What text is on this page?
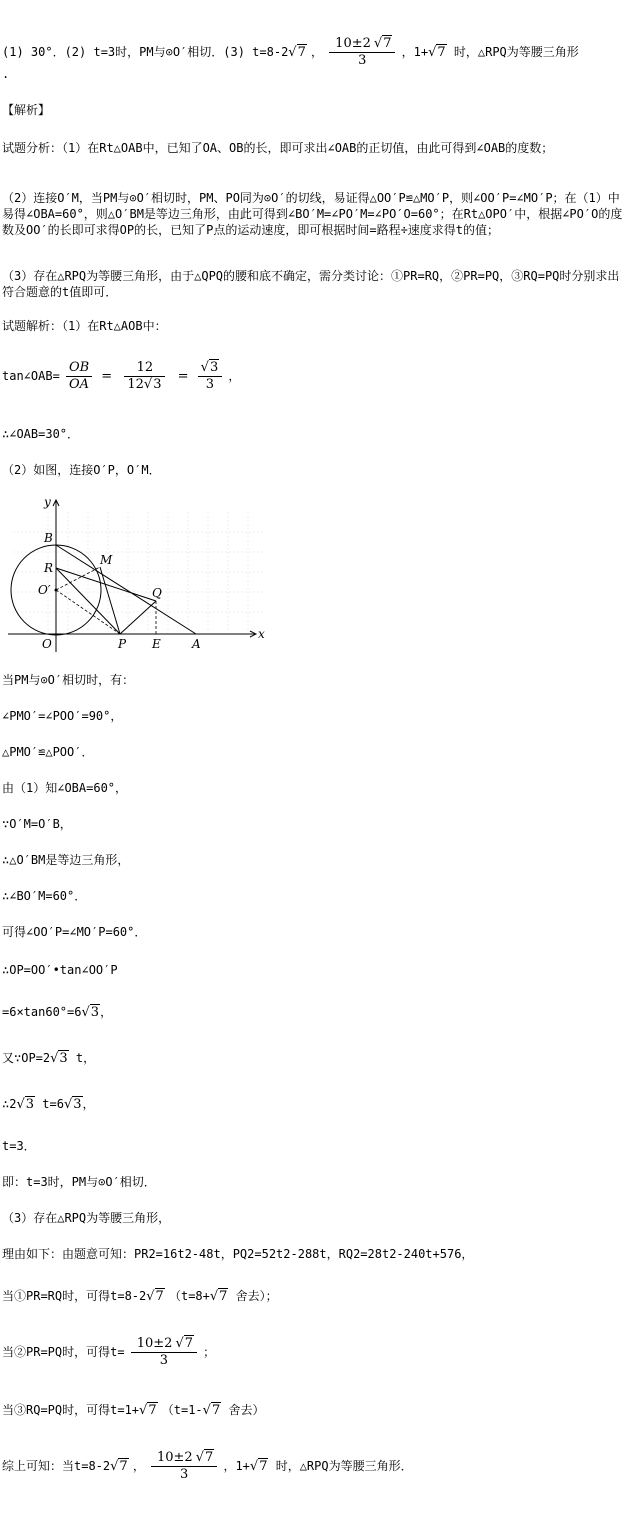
(1) 30°．(2) t=3时，PM与⊙O′相切．(3) t=8-2√7 ， $\frac{10\pm 2 √7}{3}$ ，1+√7 时，△RPQ为等腰三角形
.
【解析】
试题分析：（1）在Rt△OAB中，已知了OA、OB的长，即可求出∠OAB的正切值，由此可得到∠OAB的度数；
（2）连接O′M，当PM与⊙O′相切时，PM、PO同为⊙O′的切线，易证得△OO′P≌△MO′P，则∠OO′P=∠MO′P；在（1）中易得∠OBA=60°，则△O′BM是等边三角形，由此可得到∠BO′M=∠PO′M=∠PO′O=60°；在Rt△OPO′中，根据∠PO′O的度数及OO′的长即可求得OP的长，已知了P点的运动速度，即可根据时间=路程÷速度求得t的值；
（3）存在△RPQ为等腰三角形，由于△QPQ的腰和底不确定，需分类讨论：①PR=RQ，②PR=PQ，③RQ=PQ时分别求出符合题意的t值即可．
试题解析：（1）在Rt△AOB中：
tan∠OAB= $\frac{OB}{OA} = \frac{12}{12√3} = \frac{√3}{3}$ ，
∴∠OAB=30°．
（2）如图，连接O′P，O′M．
y
x
B
R
M
O′	Q
O	P E	A
当PM与⊙O′相切时，有：
∠PMO′=∠POO′=90°，
△PMO′≌△POO′．
由（1）知∠OBA=60°，
∵O′M=O′B，
∴△O′BM是等边三角形，
∴∠BO′M=60°．
可得∠OO′P=∠MO′P=60°．
∴OP=OO′•tan∠OO′P
=6×tan60°=6√3，
又∵OP=2√3 t，
∴2√3 t=6√3，
t=3．
即：t=3时，PM与⊙O′相切．
（3）存在△RPQ为等腰三角形，
理由如下：由题意可知：PR2=16t2-48t，PQ2=52t2-288t，RQ2=28t2-240t+576，
当①PR=RQ时，可得t=8-2√7 （t=8+√7 舍去）；
当②PR=PQ时，可得$t= \frac{10\pm 2 √7}{3}$ ；
当③RQ=PQ时，可得t=1+√7 （t=1-√7 舍去）
综上可知：当t=8-2√7 ， $\frac{10\pm 2 √7}{3}$ ，1+√7 时，△RPQ为等腰三角形．
